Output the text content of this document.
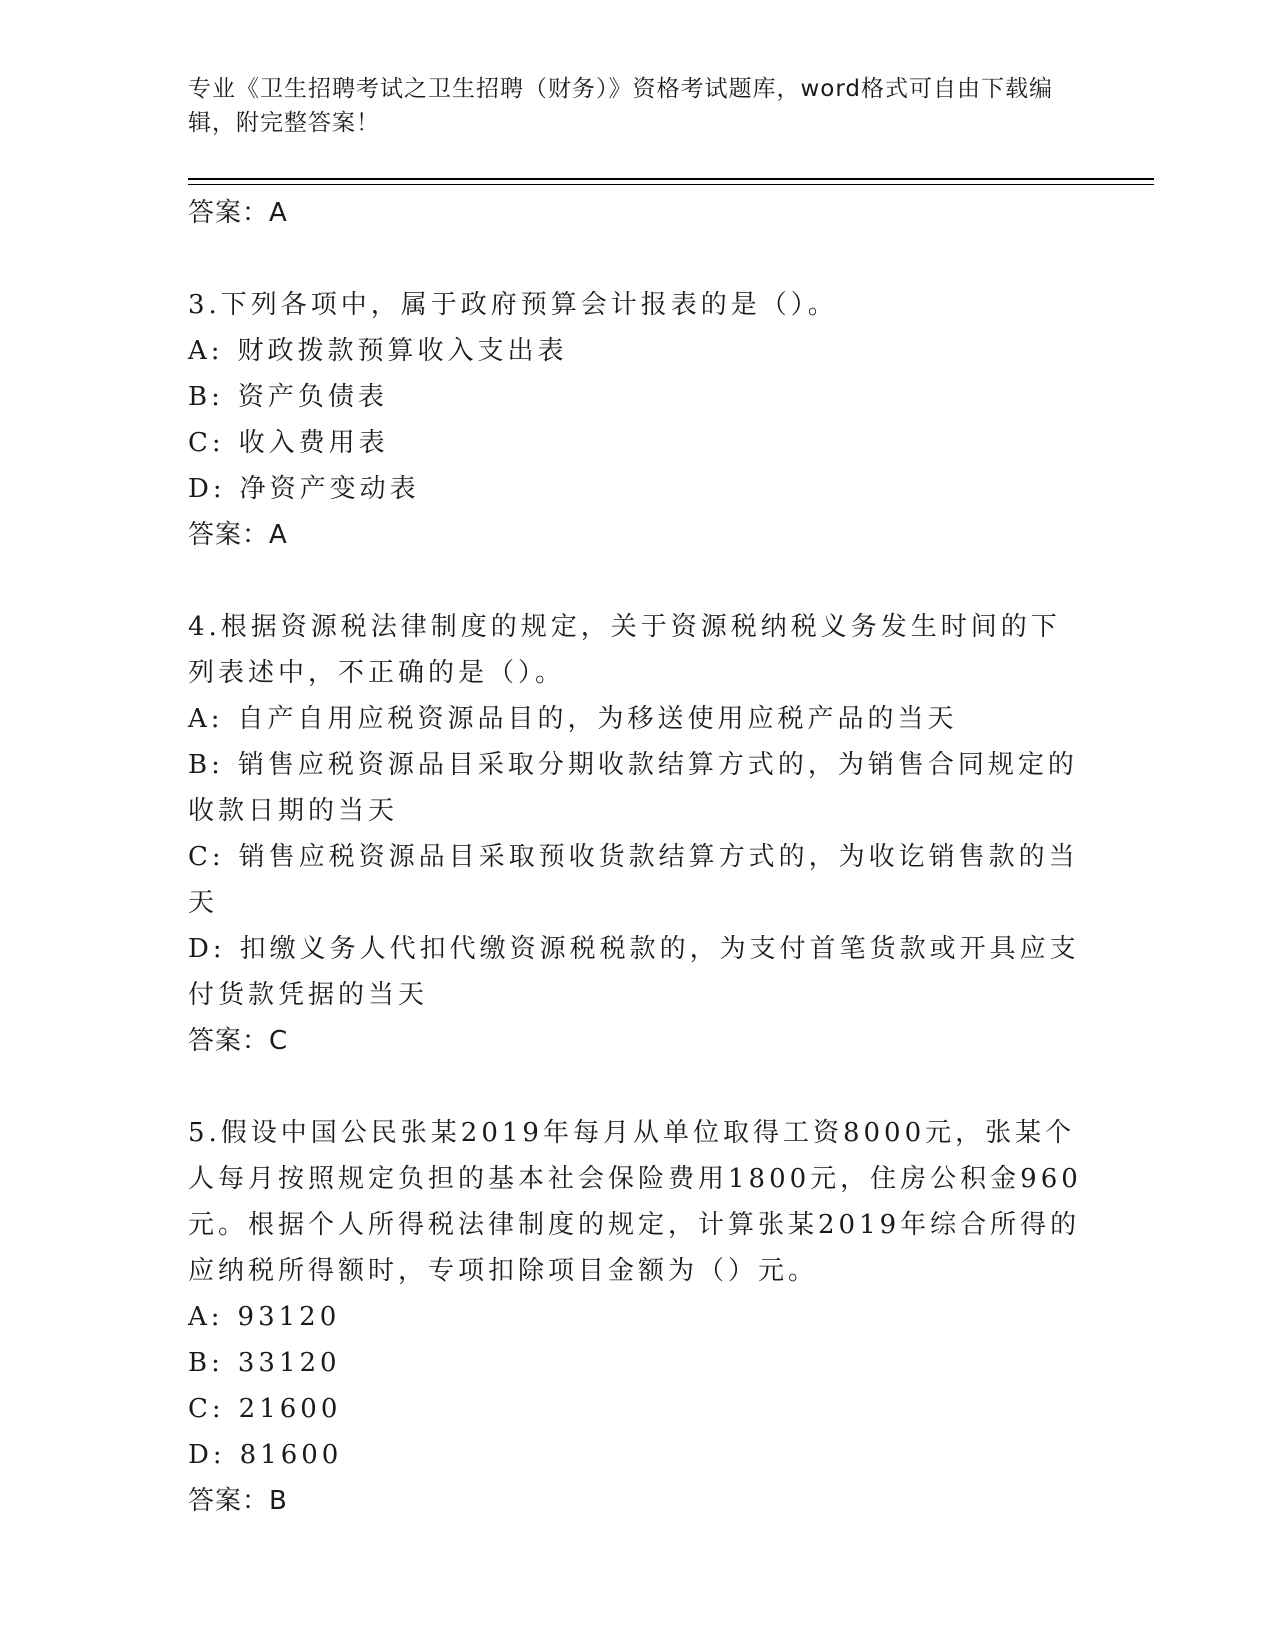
专业《卫生招聘考试之卫生招聘（财务）》资格考试题库，word格式可自由下载编辑，附完整答案！

答案：A

3.下列各项中，属于政府预算会计报表的是（）。

A: 财政拨款预算收入支出表

B: 资产负债表

C: 收入费用表

D: 净资产变动表

答案：A

4.根据资源税法律制度的规定，关于资源税纳税义务发生时间的下列表述中，不正确的是（）。

A: 自产自用应税资源品目的，为移送使用应税产品的当天

B: 销售应税资源品目采取分期收款结算方式的，为销售合同规定的收款日期的当天

C: 销售应税资源品目采取预收货款结算方式的，为收讫销售款的当天

D: 扣缴义务人代扣代缴资源税税款的，为支付首笔货款或开具应支付货款凭据的当天

答案：C

5.假设中国公民张某2019年每月从单位取得工资8000元，张某个人每月按照规定负担的基本社会保险费用1800元，住房公积金960元。根据个人所得税法律制度的规定，计算张某2019年综合所得的应纳税所得额时，专项扣除项目金额为（）元。

A: 93120

B: 33120

C: 21600

D: 81600

答案：B
